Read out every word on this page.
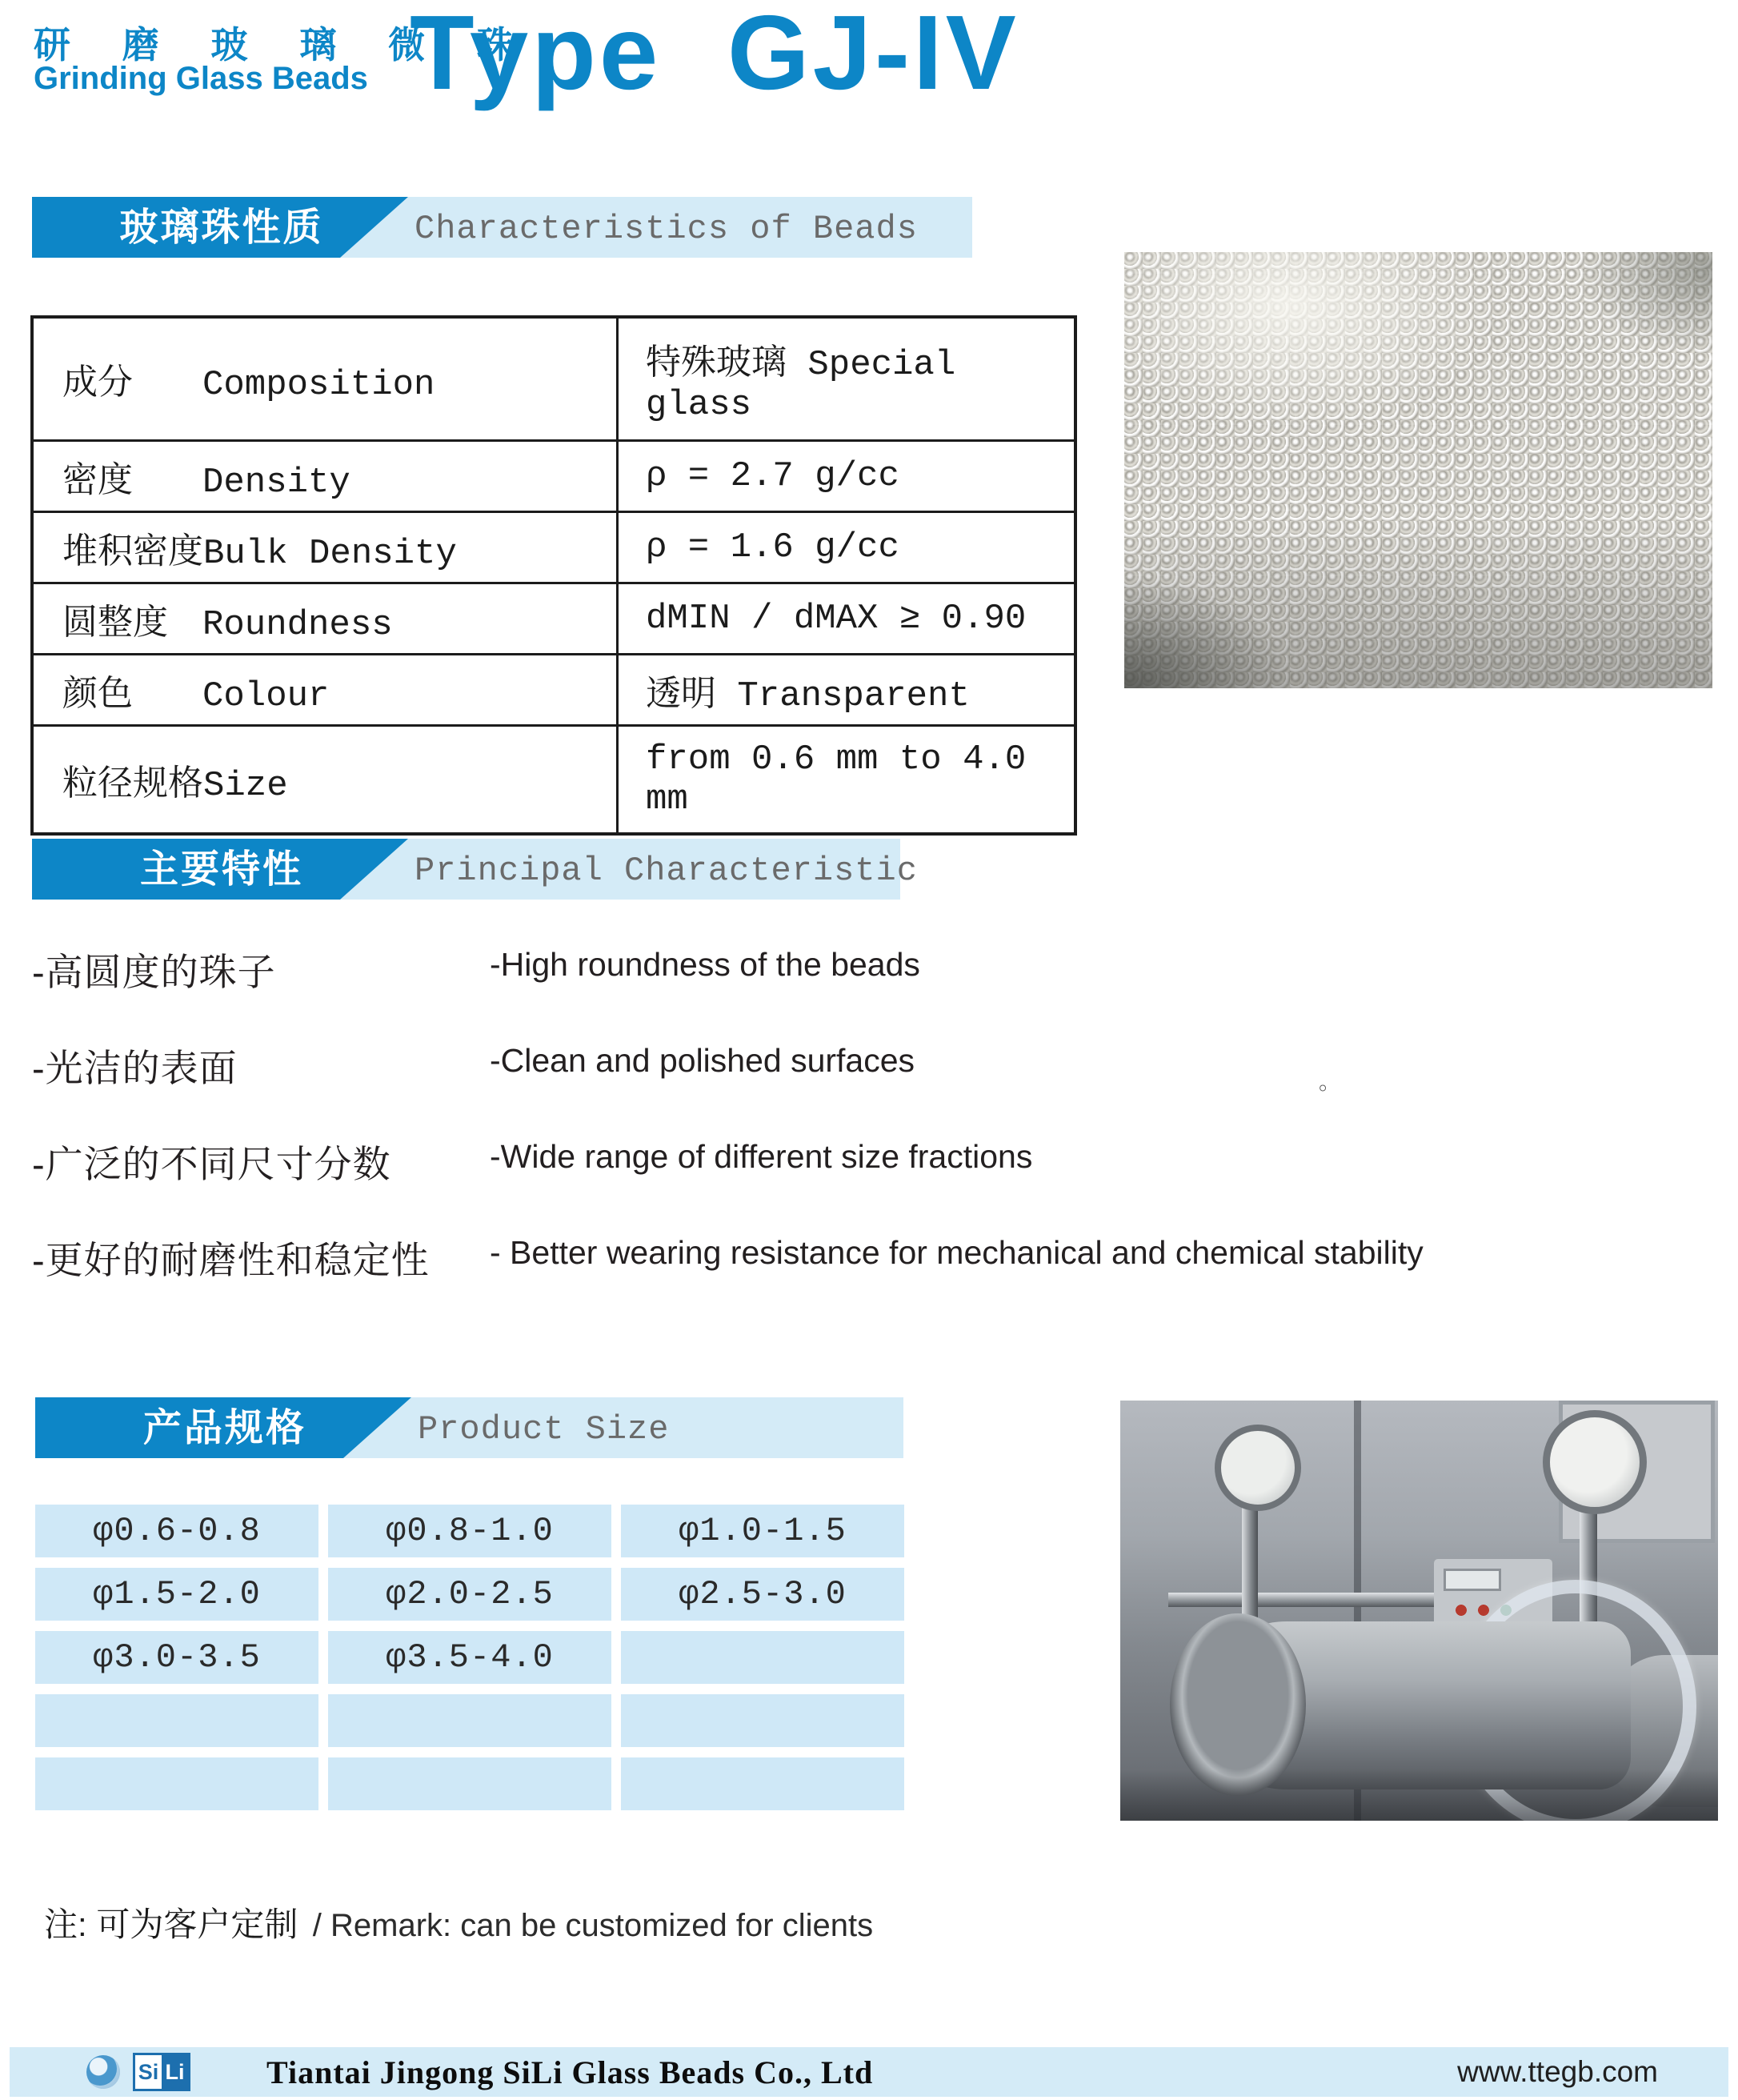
研 磨 玻 璃 微 珠
Grinding Glass Beads Type GJ-IV
玻璃珠性质	Characteristics of Beads
成分 Composition	特殊玻璃 Special glass
密度 Density	ρ = 2.7 g/cc
堆积密度Bulk Density	ρ = 1.6 g/cc
圆整度 Roundness	dMIN / dMAX ≥ 0.90
颜色 Colour	透明 Transparent
粒径规格Size	from 0.6 mm to 4.0 mm
主要特性	Principal Characteristic
-高圆度的珠子	-High roundness of the beads
-光洁的表面	-Clean and polished surfaces
-广泛的不同尺寸分数	-Wide range of different size fractions
-更好的耐磨性和稳定性 - Better wearing resistance for mechanical and chemical stability
。
产品规格	Product Size
φ0.6-0.8	φ0.8-1.0	φ1.0-1.5
φ1.5-2.0	φ2.0-2.5	φ2.5-3.0
φ3.0-3.5	φ3.5-4.0
注: 可为客户定制 / Remark: can be customized for clients
Si Li	Tiantai Jingong SiLi Glass Beads Co., Ltd	www.ttegb.com
